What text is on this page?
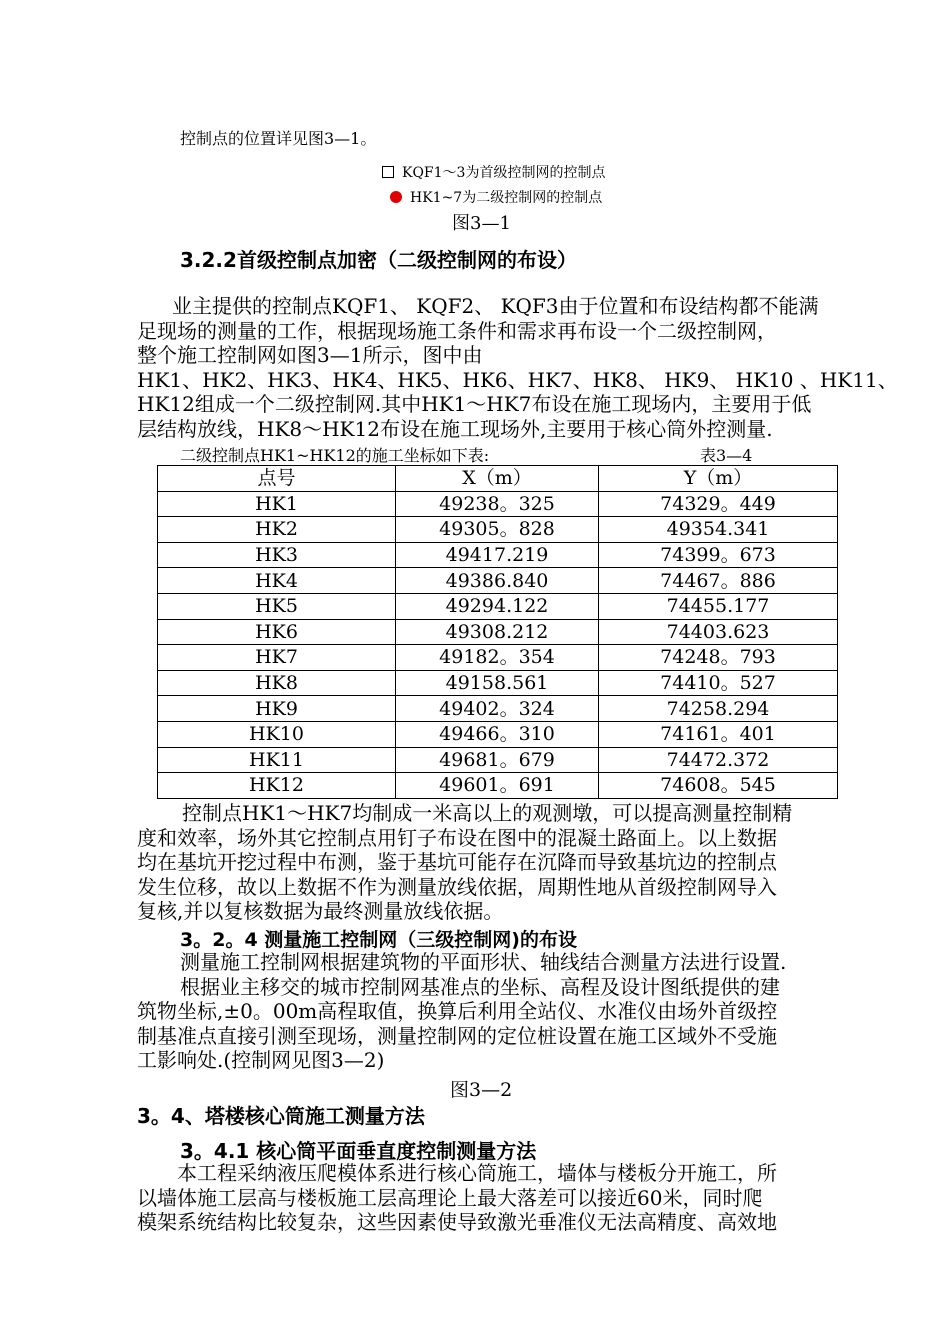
控制点的位置详见图3—1。
KQF1～3为首级控制网的控制点
HK1~7为二级控制网的控制点
图3—1
3.2.2首级控制点加密（二级控制网的布设）
业主提供的控制点KQF1、 KQF2、 KQF3由于位置和布设结构都不能满
足现场的测量的工作，根据现场施工条件和需求再布设一个二级控制网，
整个施工控制网如图3—1所示，图中由
HK1、HK2、HK3、HK4、HK5、HK6、HK7、HK8、 HK9、 HK10 、HK11、
HK12组成一个二级控制网.其中HK1～HK7布设在施工现场内，主要用于低
层结构放线，HK8～HK12布设在施工现场外,主要用于核心筒外控测量.
二级控制点HK1~HK12的施工坐标如下表:	表3—4
点号	X（m）	Y（m）
HK1	49238。325	74329。449
HK2	49305。828	49354.341
HK3	49417.219	74399。673
HK4	49386.840	74467。886
HK5	49294.122	74455.177
HK6	49308.212	74403.623
HK7	49182。354	74248。793
HK8	49158.561	74410。527
HK9	49402。324	74258.294
HK10	49466。310	74161。401
HK11	49681。679	74472.372
HK12	49601。691	74608。545
控制点HK1～HK7均制成一米高以上的观测墩，可以提高测量控制精
度和效率，场外其它控制点用钉子布设在图中的混凝土路面上。以上数据
均在基坑开挖过程中布测，鉴于基坑可能存在沉降而导致基坑边的控制点
发生位移，故以上数据不作为测量放线依据，周期性地从首级控制网导入
复核,并以复核数据为最终测量放线依据。
3。2。4 测量施工控制网（三级控制网)的布设
测量施工控制网根据建筑物的平面形状、轴线结合测量方法进行设置.
根据业主移交的城市控制网基准点的坐标、高程及设计图纸提供的建
筑物坐标,±0。00m高程取值，换算后利用全站仪、水准仪由场外首级控
制基准点直接引测至现场，测量控制网的定位桩设置在施工区域外不受施
工影响处.(控制网见图3—2)
图3—2
3。4、塔楼核心筒施工测量方法
3。4.1 核心筒平面垂直度控制测量方法
本工程采纳液压爬模体系进行核心筒施工，墙体与楼板分开施工，所
以墙体施工层高与楼板施工层高理论上最大落差可以接近60米，同时爬
模架系统结构比较复杂，这些因素使导致激光垂准仪无法高精度、高效地
